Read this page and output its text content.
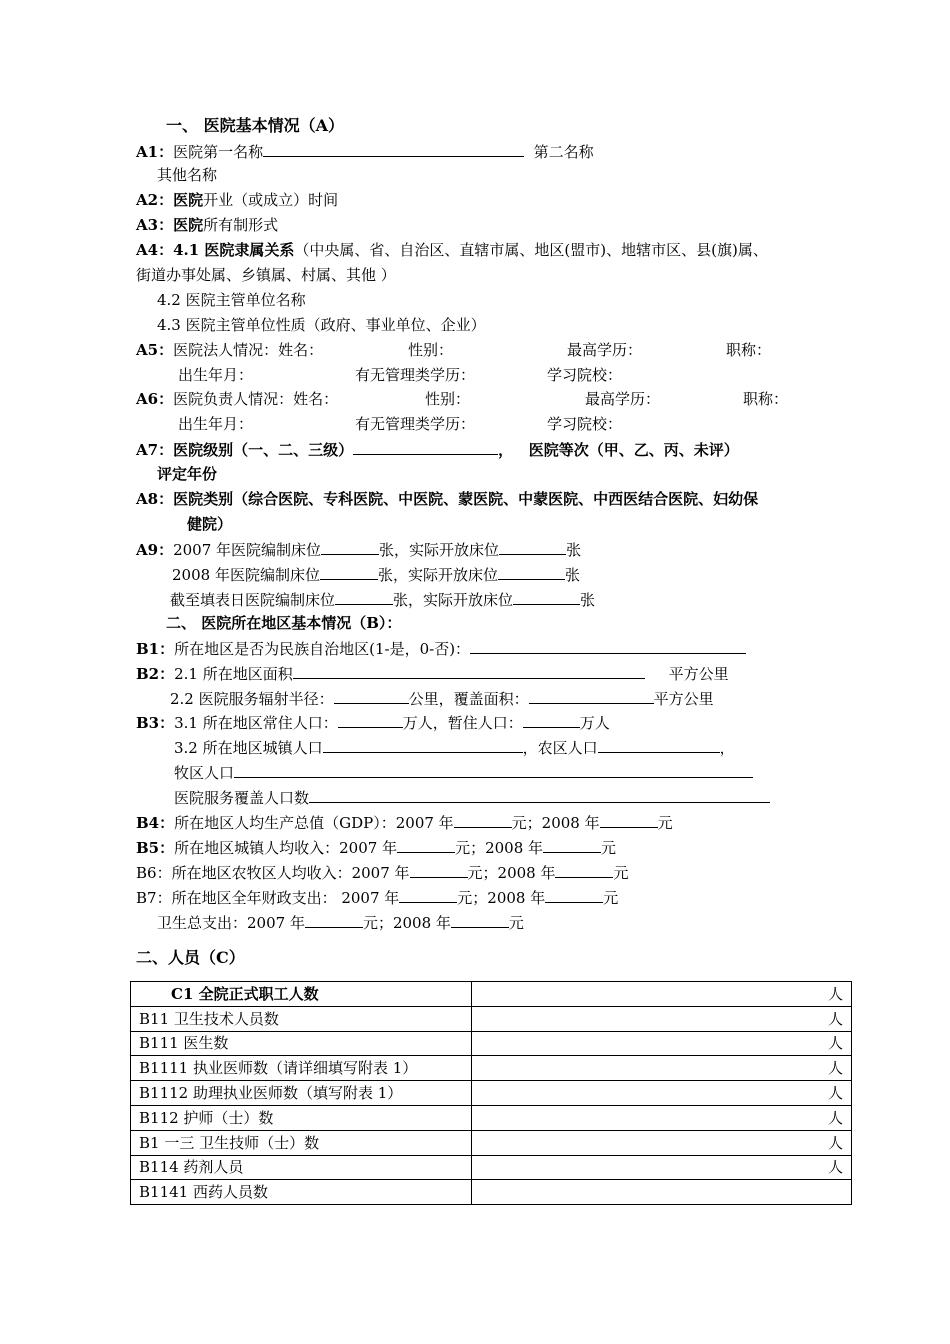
一、 医院基本情况（A）
A1：医院第一名称	第二名称
其他名称
A2：医院开业（或成立）时间
A3：医院所有制形式
A4：4.1 医院隶属关系（中央属、省、自治区、直辖市属、地区(盟市)、地辖市区、县(旗)属、
街道办事处属、乡镇属、村属、其他 ）
4.2 医院主管单位名称
4.3 医院主管单位性质（政府、事业单位、企业）
A5：医院法人情况：姓名：	性别：	最高学历：	职称：
出生年月：	有无管理类学历：	学习院校：
A6：医院负责人情况：姓名：	性别：	最高学历：	职称：
出生年月：	有无管理类学历：	学习院校：
A7：医院级别（一、二、三级）	， 医院等次（甲、乙、丙、未评）
评定年份
A8：医院类别（综合医院、专科医院、中医院、蒙医院、中蒙医院、中西医结合医院、妇幼保
健院）
A9：2007 年医院编制床位	张，实际开放床位	张
2008 年医院编制床位	张，实际开放床位	张
截至填表日医院编制床位	张，实际开放床位	张
二、 医院所在地区基本情况（B）：
B1：所在地区是否为民族自治地区(1-是，0-否)：
B2：2.1 所在地区面积	平方公里
2.2 医院服务辐射半径：	公里，覆盖面积：	平方公里
B3：3.1 所在地区常住人口：	万人，暂住人口：	万人
3.2 所在地区城镇人口	，农区人口	，
牧区人口
医院服务覆盖人口数
B4：所在地区人均生产总值（GDP）：2007 年	元；2008 年	元
B5：所在地区城镇人均收入：2007 年	元；2008 年	元
B6：所在地区农牧区人均收入：2007 年	元；2008 年	元
B7：所在地区全年财政支出： 2007 年	元；2008 年	元
卫生总支出：2007 年	元；2008 年	元
二、人员（C）
C1 全院正式职工人数	人
B11 卫生技术人员数	人
B111 医生数	人
B1111 执业医师数（请详细填写附表 1）	人
B1112 助理执业医师数（填写附表 1）	人
B112 护师（士）数	人
B1 一三 卫生技师（士）数	人
B114 药剂人员	人
B1141 西药人员数	
